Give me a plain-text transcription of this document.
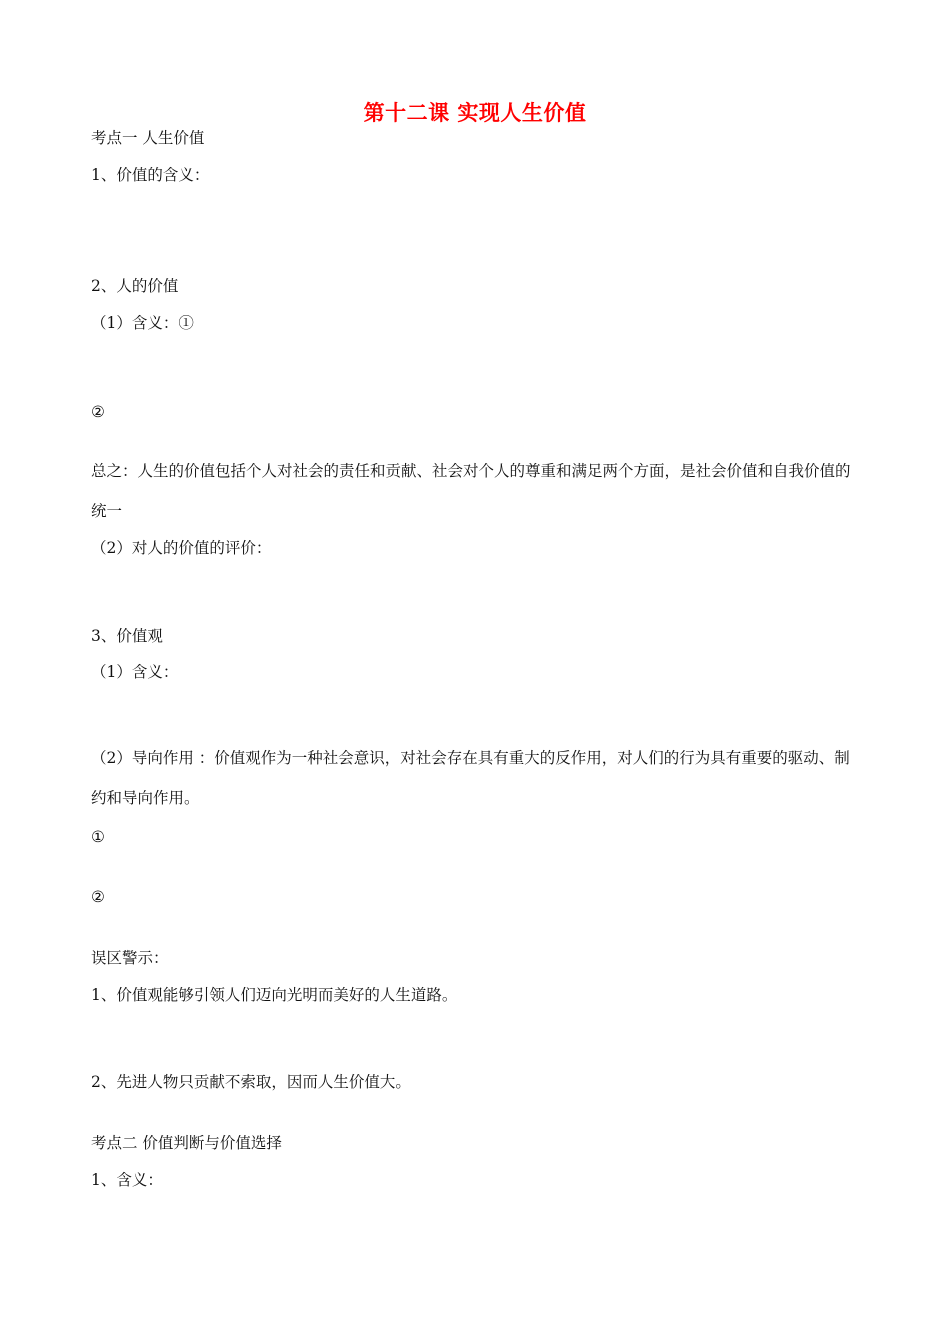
第十二课 实现人生价值
考点一 人生价值
1、价值的含义：
2、人的价值
（1）含义：①
②
总之：人生的价值包括个人对社会的责任和贡献、社会对个人的尊重和满足两个方面，是社会价值和自我价值的统一
（2）对人的价值的评价：
3、价值观
（1）含义：
（2）导向作用 ：价值观作为一种社会意识，对社会存在具有重大的反作用，对人们的行为具有重要的驱动、制约和导向作用。
①
②
误区警示：
1、价值观能够引领人们迈向光明而美好的人生道路。
2、先进人物只贡献不索取，因而人生价值大。
考点二 价值判断与价值选择
1、含义：
